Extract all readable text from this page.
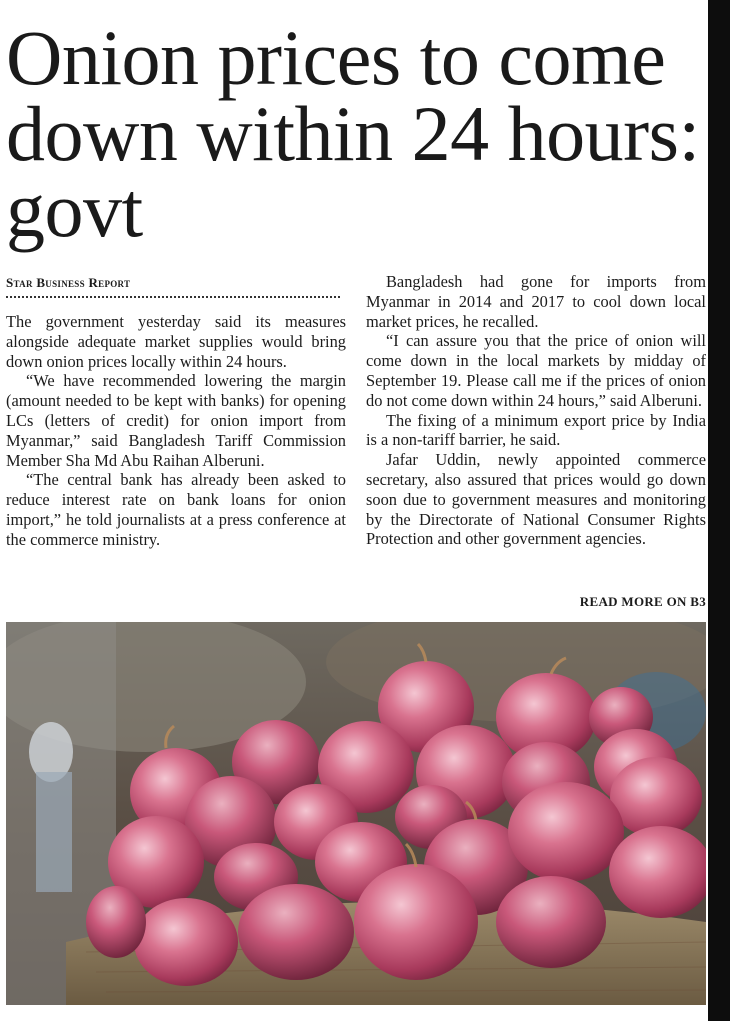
Onion prices to come down within 24 hours: govt
Star Business Report

The government yesterday said its measures alongside adequate market supplies would bring down onion prices locally within 24 hours.

“We have recommended lowering the margin (amount needed to be kept with banks) for opening LCs (letters of credit) for onion import from Myanmar,” said Bangladesh Tariff Commission Member Sha Md Abu Raihan Alberuni.

“The central bank has already been asked to reduce interest rate on bank loans for onion import,” he told journalists at a press conference at the commerce ministry.

Bangladesh had gone for imports from Myanmar in 2014 and 2017 to cool down local market prices, he recalled.

“I can assure you that the price of onion will come down in the local markets by midday of September 19. Please call me if the prices of onion do not come down within 24 hours,” said Alberuni.

The fixing of a minimum export price by India is a non-tariff barrier, he said.

Jafar Uddin, newly appointed commerce secretary, also assured that prices would go down soon due to government measures and monitoring by the Directorate of National Consumer Rights Protection and other government agencies.

READ MORE ON B3
